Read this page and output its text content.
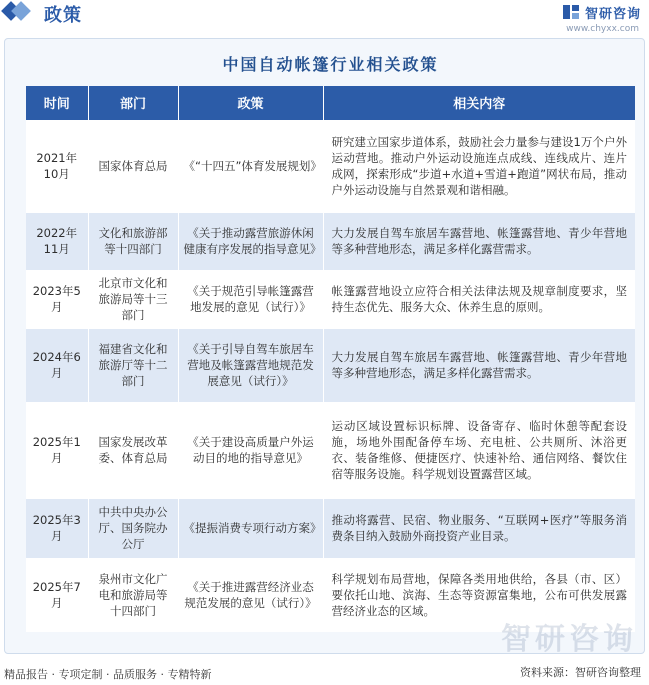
政策	智研咨询
www.chyxx.com
中国自动帐篷行业相关政策
时间	部门	政策	相关内容
2021年10月	国家体育总局	《“十四五”体育发展规划》	研究建立国家步道体系，鼓励社会力量参与建设1万个户外运动营地。推动户外运动设施连点成线、连线成片、连片成网，探索形成“步道+水道+雪道+跑道”网状布局，推动户外运动设施与自然景观和谐相融。
2022年11月	文化和旅游部等十四部门	《关于推动露营旅游休闲健康有序发展的指导意见》	大力发展自驾车旅居车露营地、帐篷露营地、青少年营地等多种营地形态，满足多样化露营需求。
2023年5月	北京市文化和旅游局等十三部门	《关于规范引导帐篷露营地发展的意见（试行）》	帐篷露营地设立应符合相关法律法规及规章制度要求，坚持生态优先、服务大众、休养生息的原则。
2024年6月	福建省文化和旅游厅等十二部门	《关于引导自驾车旅居车营地及帐篷露营地规范发展意见（试行）》	大力发展自驾车旅居车露营地、帐篷露营地、青少年营地等多种营地形态，满足多样化露营需求。
2025年1月	国家发展改革委、体育总局	《关于建设高质量户外运动目的地的指导意见》	运动区域设置标识标牌、设备寄存、临时休憩等配套设施，场地外围配备停车场、充电桩、公共厕所、沐浴更衣、装备维修、便捷医疗、快速补给、通信网络、餐饮住宿等服务设施。科学规划设置露营区域。
2025年3月	中共中央办公厅、国务院办公厅	《提振消费专项行动方案》	推动将露营、民宿、物业服务、“互联网+医疗”等服务消费条目纳入鼓励外商投资产业目录。
2025年7月	泉州市文化广电和旅游局等十四部门	《关于推进露营经济业态规范发展的意见（试行）》	科学规划布局营地，保障各类用地供给，各县（市、区）要依托山地、滨海、生态等资源富集地，公布可供发展露营经济业态的区域。
智研咨询
精品报告 · 专项定制 · 品质服务 · 专精特新	资料来源：智研咨询整理
